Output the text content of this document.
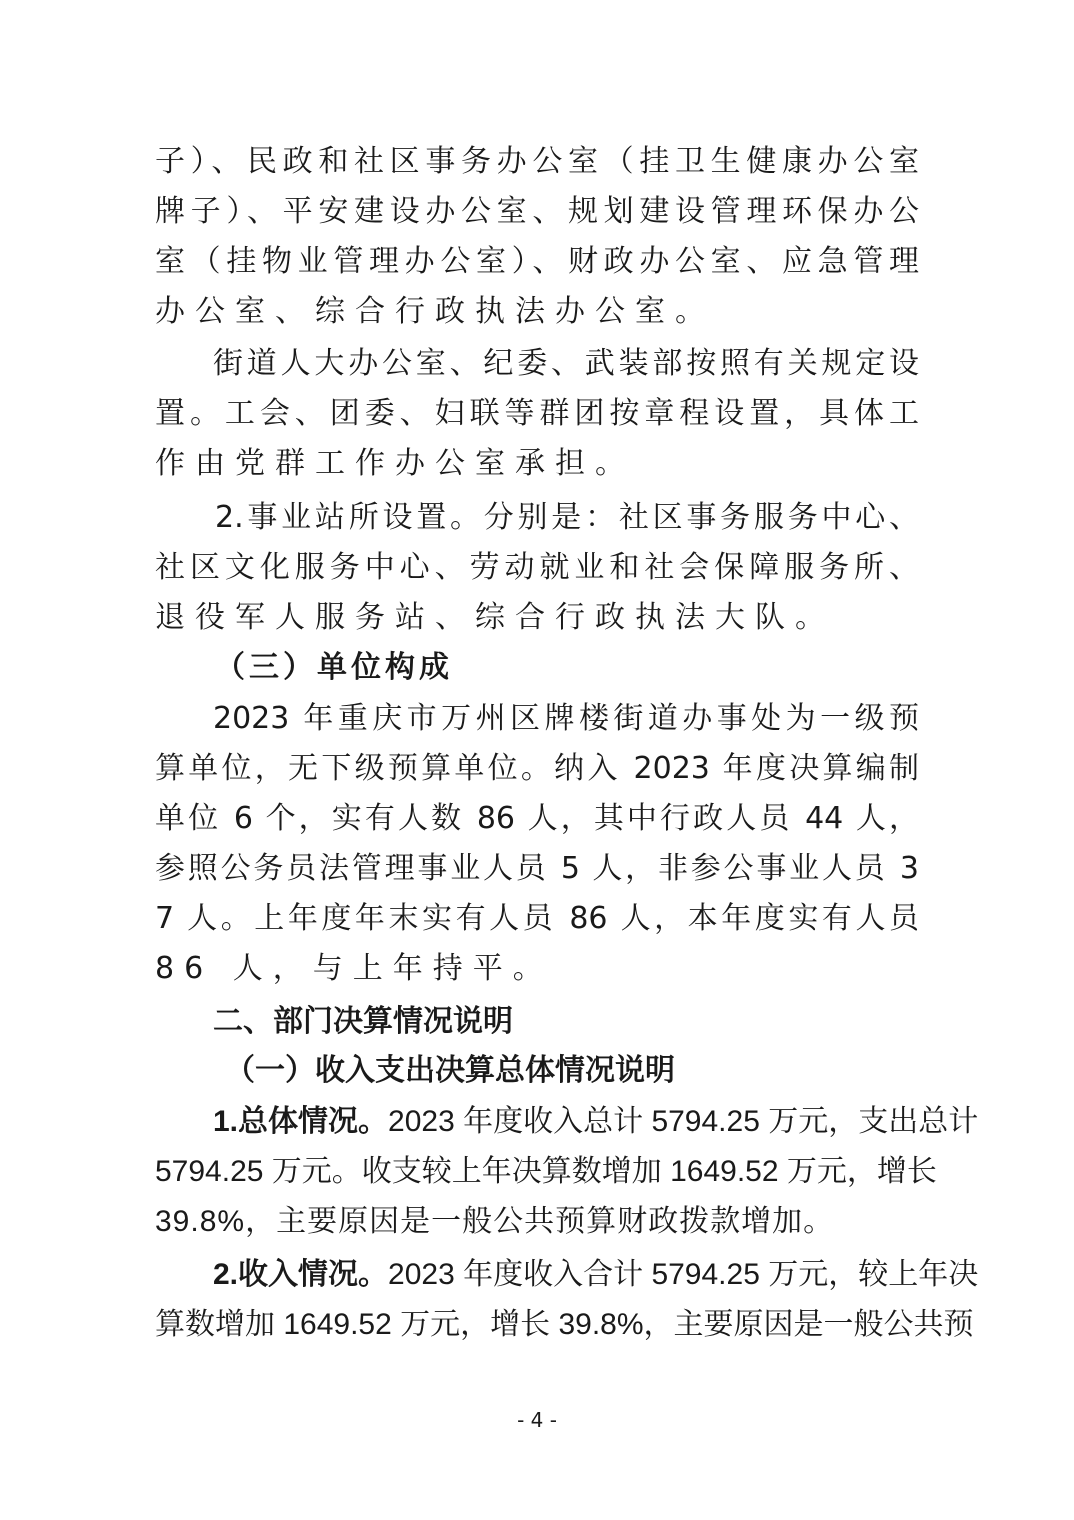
子）、民政和社区事务办公室（挂卫生健康办公室
牌子）、平安建设办公室、规划建设管理环保办公
室（挂物业管理办公室）、财政办公室、应急管理
办公室、综合行政执法办公室。
街道人大办公室、纪委、武装部按照有关规定设
置。工会、团委、妇联等群团按章程设置，具体工
作由党群工作办公室承担。
2.事业站所设置。分别是：社区事务服务中心、
社区文化服务中心、劳动就业和社会保障服务所、
退役军人服务站、综合行政执法大队。
（三）单位构成
2023 年重庆市万州区牌楼街道办事处为一级预
算单位，无下级预算单位。纳入 2023 年度决算编制
单位 6 个，实有人数 86 人，其中行政人员 44 人，
参照公务员法管理事业人员 5 人，非参公事业人员 3
7 人。上年度年末实有人员 86 人，本年度实有人员
86 人，与上年持平。
二、部门决算情况说明
（一）收入支出决算总体情况说明
1.总体情况。2023 年度收入总计 5794.25 万元，支出总计
5794.25 万元。收支较上年决算数增加 1649.52 万元，增长
39.8%，主要原因是一般公共预算财政拨款增加。
2.收入情况。2023 年度收入合计 5794.25 万元，较上年决
算数增加 1649.52 万元，增长 39.8%，主要原因是一般公共预
- 4 -
